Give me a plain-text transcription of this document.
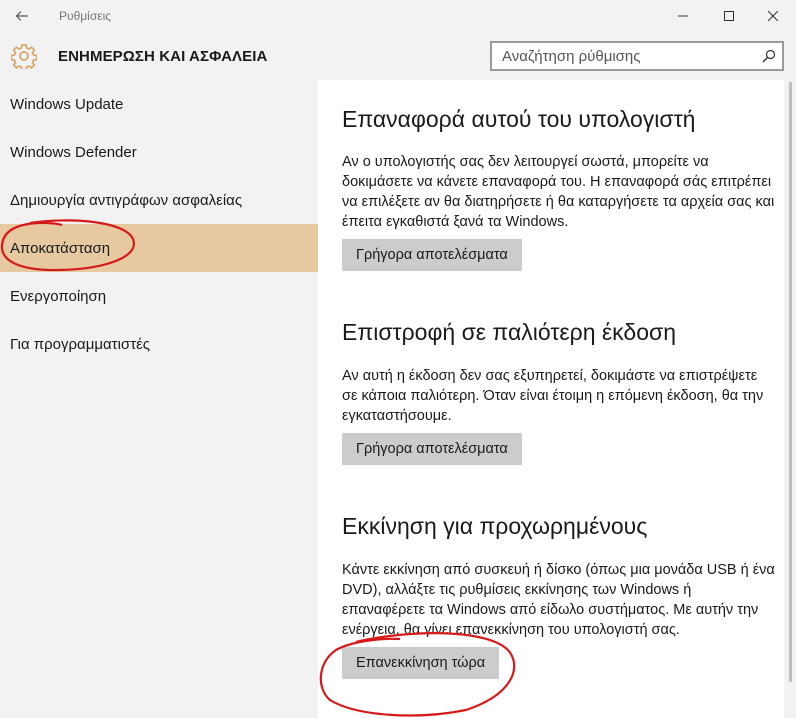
Ρυθμίσεις
ΕΝΗΜΕΡΩΣΗ ΚΑΙ ΑΣΦΑΛΕΙΑ
Αναζήτηση ρύθμισης
Windows Update
Windows Defender
Δημιουργία αντιγράφων ασφαλείας
Αποκατάσταση
Ενεργοποίηση
Για προγραμματιστές
Επαναφορά αυτού του υπολογιστή

Αν ο υπολογιστής σας δεν λειτουργεί σωστά, μπορείτε να δοκιμάσετε να κάνετε επαναφορά του. Η επαναφορά σάς επιτρέπει να επιλέξετε αν θα διατηρήσετε ή θα καταργήσετε τα αρχεία σας και έπειτα εγκαθιστά ξανά τα Windows.

Γρήγορα αποτελέσματα
Επιστροφή σε παλιότερη έκδοση

Αν αυτή η έκδοση δεν σας εξυπηρετεί, δοκιμάστε να επιστρέψετε σε κάποια παλιότερη. Όταν είναι έτοιμη η επόμενη έκδοση, θα την εγκαταστήσουμε.

Γρήγορα αποτελέσματα
Εκκίνηση για προχωρημένους

Κάντε εκκίνηση από συσκευή ή δίσκο (όπως μια μονάδα USB ή ένα DVD), αλλάξτε τις ρυθμίσεις εκκίνησης των Windows ή επαναφέρετε τα Windows από είδωλο συστήματος. Με αυτήν την ενέργεια, θα γίνει επανεκκίνηση του υπολογιστή σας.

Επανεκκίνηση τώρα
